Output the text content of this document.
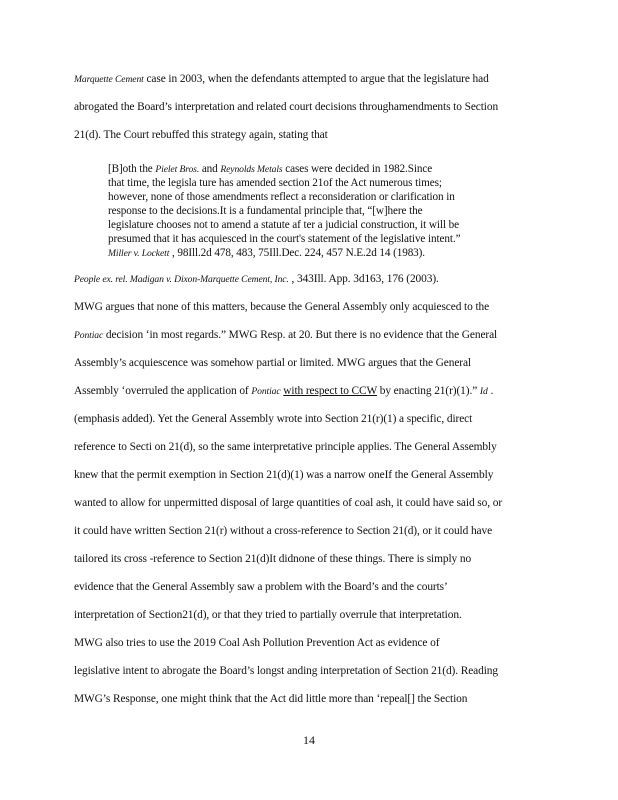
Marquette Cement case in 2003, when the defendants attempted to argue that the legislature had
abrogated the Board’s interpretation and related court decisions throughamendments to Section
21(d). The Court rebuffed this strategy again, stating that
[B]oth the Pielet Bros. and Reynolds Metals cases were decided in 1982.Since
that time, the legisla ture has amended section 21of the Act numerous times;
however, none of those amendments reflect a reconsideration or clarification in
response to the decisions.It is a fundamental principle that, “[w]here the
legislature chooses not to amend a statute af ter a judicial construction, it will be
presumed that it has acquiesced in the court's statement of the legislative intent.”
Miller v. Lockett , 98Ill.2d 478, 483, 75Ill.Dec. 224, 457 N.E.2d 14 (1983).
People ex. rel. Madigan v. Dixon-Marquette Cement, Inc. , 343Ill. App. 3d163, 176 (2003).
MWG argues that none of this matters, because the General Assembly only acquiesced to the
Pontiac decision ‘in most regards.” MWG Resp. at 20. But there is no evidence that the General
Assembly’s acquiescence was somehow partial or limited. MWG argues that the General
Assembly ‘overruled the application of Pontiac with respect to CCW by enacting 21(r)(1).” Id .
(emphasis added). Yet the General Assembly wrote into Section 21(r)(1) a specific, direct
reference to Secti on 21(d), so the same interpretative principle applies. The General Assembly
knew that the permit exemption in Section 21(d)(1) was a narrow oneIf the General Assembly
wanted to allow for unpermitted disposal of large quantities of coal ash, it could have said so, or
it could have written Section 21(r) without a cross-reference to Section 21(d), or it could have
tailored its cross -reference to Section 21(d)It didnone of these things. There is simply no
evidence that the General Assembly saw a problem with the Board’s and the courts’
interpretation of Section21(d), or that they tried to partially overrule that interpretation.
MWG also tries to use the 2019 Coal Ash Pollution Prevention Act as evidence of
legislative intent to abrogate the Board’s longst anding interpretation of Section 21(d). Reading
MWG’s Response, one might think that the Act did little more than ‘repeal[] the Section
14
